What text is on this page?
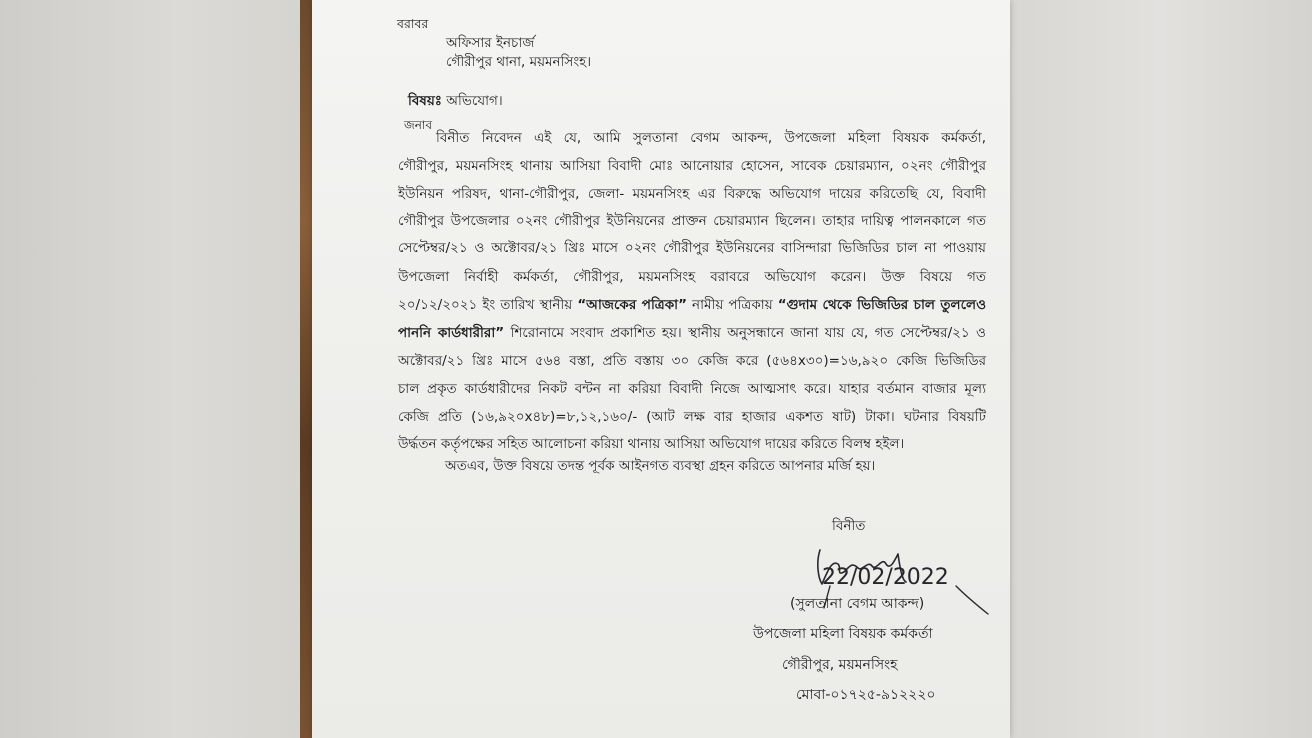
বরাবর
অফিসার ইনচার্জ
গৌরীপুর থানা, ময়মনসিংহ।
বিষয়ঃ অভিযোগ।
জনাব
বিনীত নিবেদন এই যে, আমি সুলতানা বেগম আকন্দ, উপজেলা মহিলা বিষয়ক কর্মকর্তা,
গৌরীপুর, ময়মনসিংহ থানায় আসিয়া বিবাদী মোঃ আনোয়ার হোসেন, সাবেক চেয়ারম্যান, ০২নং গৌরীপুর
ইউনিয়ন পরিষদ, থানা-গৌরীপুর, জেলা- ময়মনসিংহ এর বিরুদ্ধে অভিযোগ দায়ের করিতেছি যে, বিবাদী
গৌরীপুর উপজেলার ০২নং গৌরীপুর ইউনিয়নের প্রাক্তন চেয়ারম্যান ছিলেন। তাহার দায়িত্ব পালনকালে গত
সেপ্টেম্বর/২১ ও অক্টোবর/২১ খ্রিঃ মাসে ০২নং গৌরীপুর ইউনিয়নের বাসিন্দারা ভিজিডির চাল না পাওয়ায়
উপজেলা নির্বাহী কর্মকর্তা, গৌরীপুর, ময়মনসিংহ বরাবরে অভিযোগ করেন। উক্ত বিষয়ে গত
২০/১২/২০২১ ইং তারিখ স্থানীয় “আজকের পত্রিকা” নামীয় পত্রিকায় “গুদাম থেকে ভিজিডির চাল তুললেও
পাননি কার্ডধারীরা” শিরোনামে সংবাদ প্রকাশিত হয়। স্থানীয় অনুসন্ধানে জানা যায় যে, গত সেপ্টেম্বর/২১ ও
অক্টোবর/২১ খ্রিঃ মাসে ৫৬৪ বস্তা, প্রতি বস্তায় ৩০ কেজি করে (৫৬৪x৩০)=১৬,৯২০ কেজি ভিজিডির
চাল প্রকৃত কার্ডধারীদের নিকট বন্টন না করিয়া বিবাদী নিজে আত্মসাৎ করে। যাহার বর্তমান বাজার মূল্য
কেজি প্রতি (১৬,৯২০x৪৮)=৮,১২,১৬০/- (আট লক্ষ বার হাজার একশত ষাট) টাকা। ঘটনার বিষয়টি
উর্দ্ধতন কর্তৃপক্ষের সহিত আলোচনা করিয়া থানায় আসিয়া অভিযোগ দায়ের করিতে বিলম্ব হইল।
অতএব, উক্ত বিষয়ে তদন্ত পূর্বক আইনগত ব্যবস্থা গ্রহন করিতে আপনার মর্জি হয়।
বিনীত
22/02/2022
(সুলতানা বেগম আকন্দ)
উপজেলা মহিলা বিষয়ক কর্মকর্তা
গৌরীপুর, ময়মনসিংহ
মোবা-০১৭২৫-৯১২২২০
